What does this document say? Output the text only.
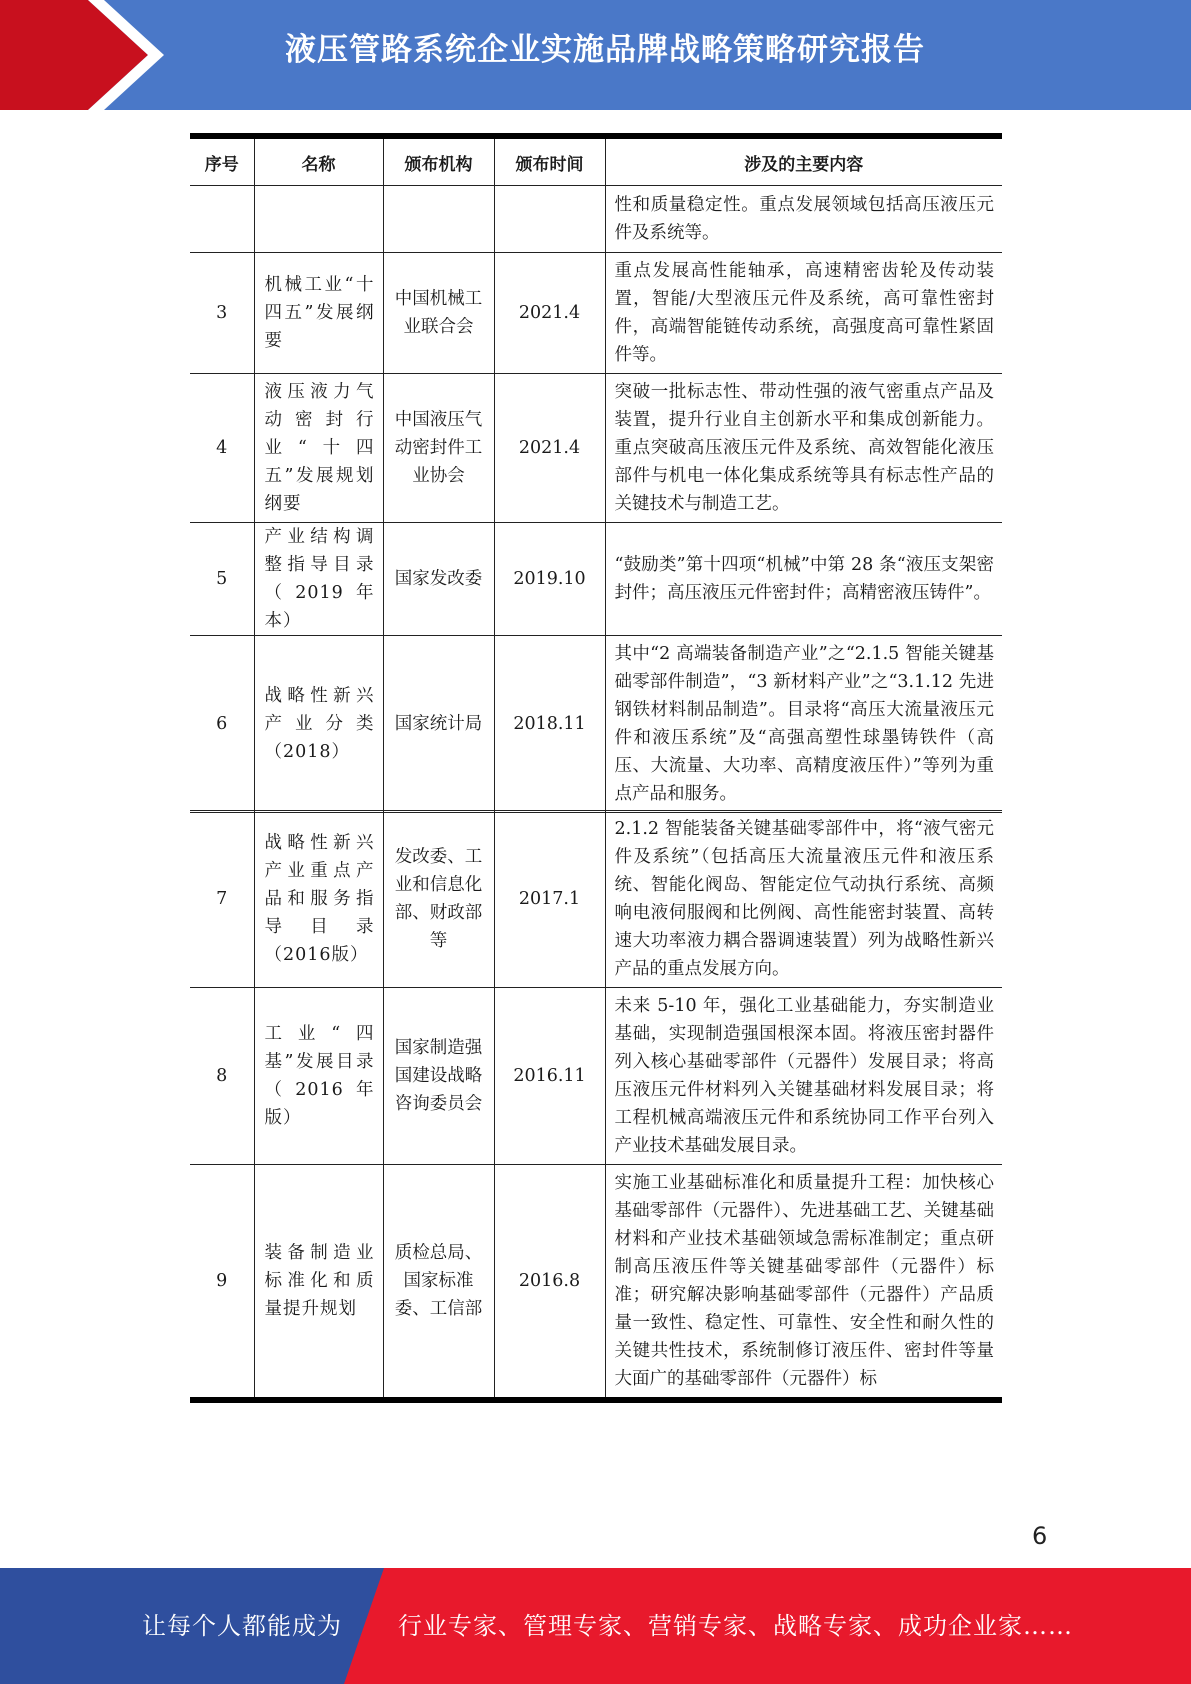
液压管路系统企业实施品牌战略策略研究报告
序号	名称	颁布机构	颁布时间	涉及的主要内容
				性和质量稳定性。重点发展领域包括高压液压元件及系统等。
3	机械工业“十四五”发展纲要	中国机械工业联合会	2021.4	重点发展高性能轴承，高速精密齿轮及传动装置，智能/大型液压元件及系统，高可靠性密封件，高端智能链传动系统，高强度高可靠性紧固件等。
4	液压液力气动密封行业“十四五”发展规划纲要	中国液压气动密封件工业协会	2021.4	突破一批标志性、带动性强的液气密重点产品及装置，提升行业自主创新水平和集成创新能力。重点突破高压液压元件及系统、高效智能化液压部件与机电一体化集成系统等具有标志性产品的关键技术与制造工艺。
5	产业结构调整指导目录（2019年本）	国家发改委	2019.10	“鼓励类”第十四项“机械”中第 28 条“液压支架密封件；高压液压元件密封件；高精密液压铸件”。
6	战略性新兴产业分类（2018）	国家统计局	2018.11	其中“2 高端装备制造产业”之“2.1.5 智能关键基础零部件制造”，“3 新材料产业”之“3.1.12 先进钢铁材料制品制造”。目录将“高压大流量液压元件和液压系统”及“高强高塑性球墨铸铁件（高压、大流量、大功率、高精度液压件）”等列为重点产品和服务。
7	战略性新兴产业重点产品和服务指导目录（2016版）	发改委、工业和信息化部、财政部等	2017.1	2.1.2 智能装备关键基础零部件中，将“液气密元件及系统”（包括高压大流量液压元件和液压系统、智能化阀岛、智能定位气动执行系统、高频响电液伺服阀和比例阀、高性能密封装置、高转速大功率液力耦合器调速装置）列为战略性新兴产品的重点发展方向。
8	工业“四基”发展目录（2016年版）	国家制造强国建设战略咨询委员会	2016.11	未来 5-10 年，强化工业基础能力，夯实制造业基础，实现制造强国根深本固。将液压密封器件列入核心基础零部件（元器件）发展目录；将高压液压元件材料列入关键基础材料发展目录；将工程机械高端液压元件和系统协同工作平台列入产业技术基础发展目录。
9	装备制造业标准化和质量提升规划	质检总局、国家标准委、工信部	2016.8	实施工业基础标准化和质量提升工程：加快核心基础零部件（元器件）、先进基础工艺、关键基础材料和产业技术基础领域急需标准制定；重点研制高压液压件等关键基础零部件（元器件）标准；研究解决影响基础零部件（元器件）产品质量一致性、稳定性、可靠性、安全性和耐久性的关键共性技术，系统制修订液压件、密封件等量大面广的基础零部件（元器件）标
6
让每个人都能成为 行业专家、管理专家、营销专家、战略专家、成功企业家……
